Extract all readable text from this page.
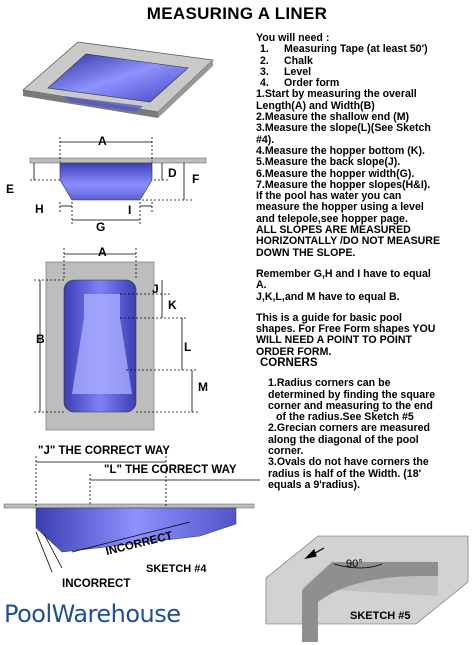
MEASURING A LINER
A
D F
E
H	I
G
A
B
J
K
L
M
"J" THE CORRECT WAY
"L" THE CORRECT WAY
INCORRECT
INCORRECT
SKETCH #4	90°
SKETCH #5
You will need :
1. Measuring Tape (at least 50')
2. Chalk
3. Level
4. Order form
1.Start by measuring the overall
Length(A) and Width(B)
2.Measure the shallow end (M)
3.Measure the slope(L)(See Sketch
#4).
4.Measure the hopper bottom (K).
5.Measure the back slope(J).
6.Measure the hopper width(G).
7.Measure the hopper slopes(H&I).
If the pool has water you can
measure the hopper using a level
and telepole,see hopper page.
ALL SLOPES ARE MEASURED
HORIZONTALLY /DO NOT MEASURE
DOWN THE SLOPE.
Remember G,H and I have to equal
A.
J,K,L,and M have to equal B.
This is a guide for basic pool
shapes. For Free Form shapes YOU
WILL NEED A POINT TO POINT
ORDER FORM.
CORNERS
1.Radius corners can be
determined by finding the square
corner and measuring to the end
of the radius.See Sketch #5
2.Grecian corners are measured
along the diagonal of the pool
corner.
3.Ovals do not have corners the
radius is half of the Width. (18'
equals a 9'radius).
PoolWarehouse
